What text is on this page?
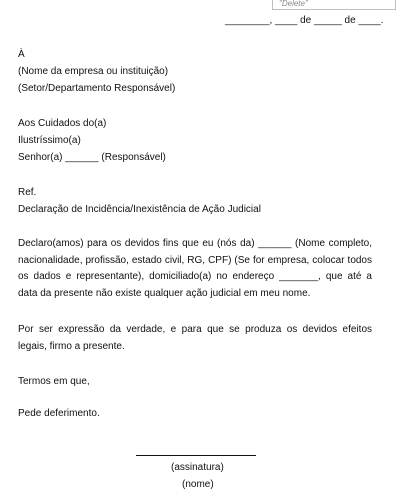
"Delete"
________, ____ de _____ de ____.
À
(Nome da empresa ou instituição)
(Setor/Departamento Responsável)
Aos Cuidados do(a)
Ilustríssimo(a)
Senhor(a) ______ (Responsável)
Ref.
Declaração de Incidência/Inexistência de Ação Judicial
Declaro(amos) para os devidos fins que eu (nós da) ______ (Nome completo, nacionalidade, profissão, estado civil, RG, CPF) (Se for empresa, colocar todos os dados e representante), domiciliado(a) no endereço _______, que até a data da presente não existe qualquer ação judicial em meu nome.
Por ser expressão da verdade, e para que se produza os devidos efeitos legais, firmo a presente.
Termos em que,
Pede deferimento.
(assinatura)
(nome)
